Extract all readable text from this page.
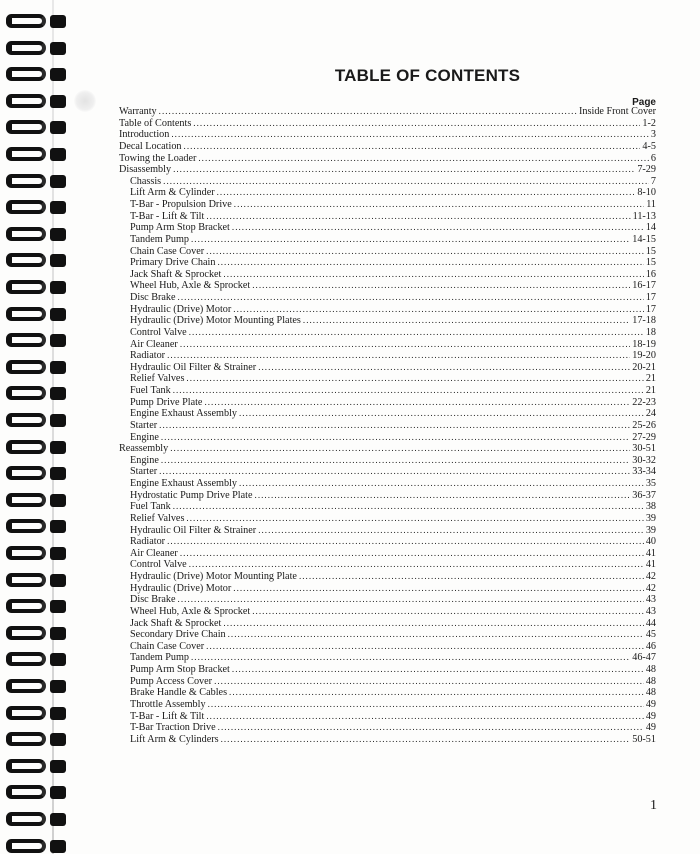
TABLE OF CONTENTS
Page
Warranty . . .	Inside Front Cover
Table of Contents . . .	1-2
Introduction . . .	3
Decal Location . . .	4-5
Towing the Loader . . .	6
Disassembly . . .	7-29
Chassis . . .	7
Lift Arm & Cylinder . . .	8-10
T-Bar - Propulsion Drive . . .	11
T-Bar - Lift & Tilt . . .	11-13
Pump Arm Stop Bracket . . .	14
Tandem Pump . . .	14-15
Chain Case Cover . . .	15
Primary Drive Chain . . .	15
Jack Shaft & Sprocket . . .	16
Wheel Hub, Axle & Sprocket . . .	16-17
Disc Brake . . .	17
Hydraulic (Drive) Motor . . .	17
Hydraulic (Drive) Motor Mounting Plates . . .	17-18
Control Valve . . .	18
Air Cleaner . . .	18-19
Radiator . . .	19-20
Hydraulic Oil Filter & Strainer . . .	20-21
Relief Valves . . .	21
Fuel Tank . . .	21
Pump Drive Plate . . .	22-23
Engine Exhaust Assembly . . .	24
Starter . . .	25-26
Engine . . .	27-29
Reassembly . . .	30-51
Engine . . .	30-32
Starter . . .	33-34
Engine Exhaust Assembly . . .	35
Hydrostatic Pump Drive Plate . . .	36-37
Fuel Tank . . .	38
Relief Valves . . .	39
Hydraulic Oil Filter & Strainer . . .	39
Radiator . . .	40
Air Cleaner . . .	41
Control Valve . . .	41
Hydraulic (Drive) Motor Mounting Plate . . .	42
Hydraulic (Drive) Motor . . .	42
Disc Brake . . .	43
Wheel Hub, Axle & Sprocket . . .	43
Jack Shaft & Sprocket . . .	44
Secondary Drive Chain . . .	45
Chain Case Cover . . .	46
Tandem Pump . . .	46-47
Pump Arm Stop Bracket . . .	48
Pump Access Cover . . .	48
Brake Handle & Cables . . .	48
Throttle Assembly . . .	49
T-Bar - Lift & Tilt . . .	49
T-Bar Traction Drive . . .	49
Lift Arm & Cylinders . . .	50-51
1
